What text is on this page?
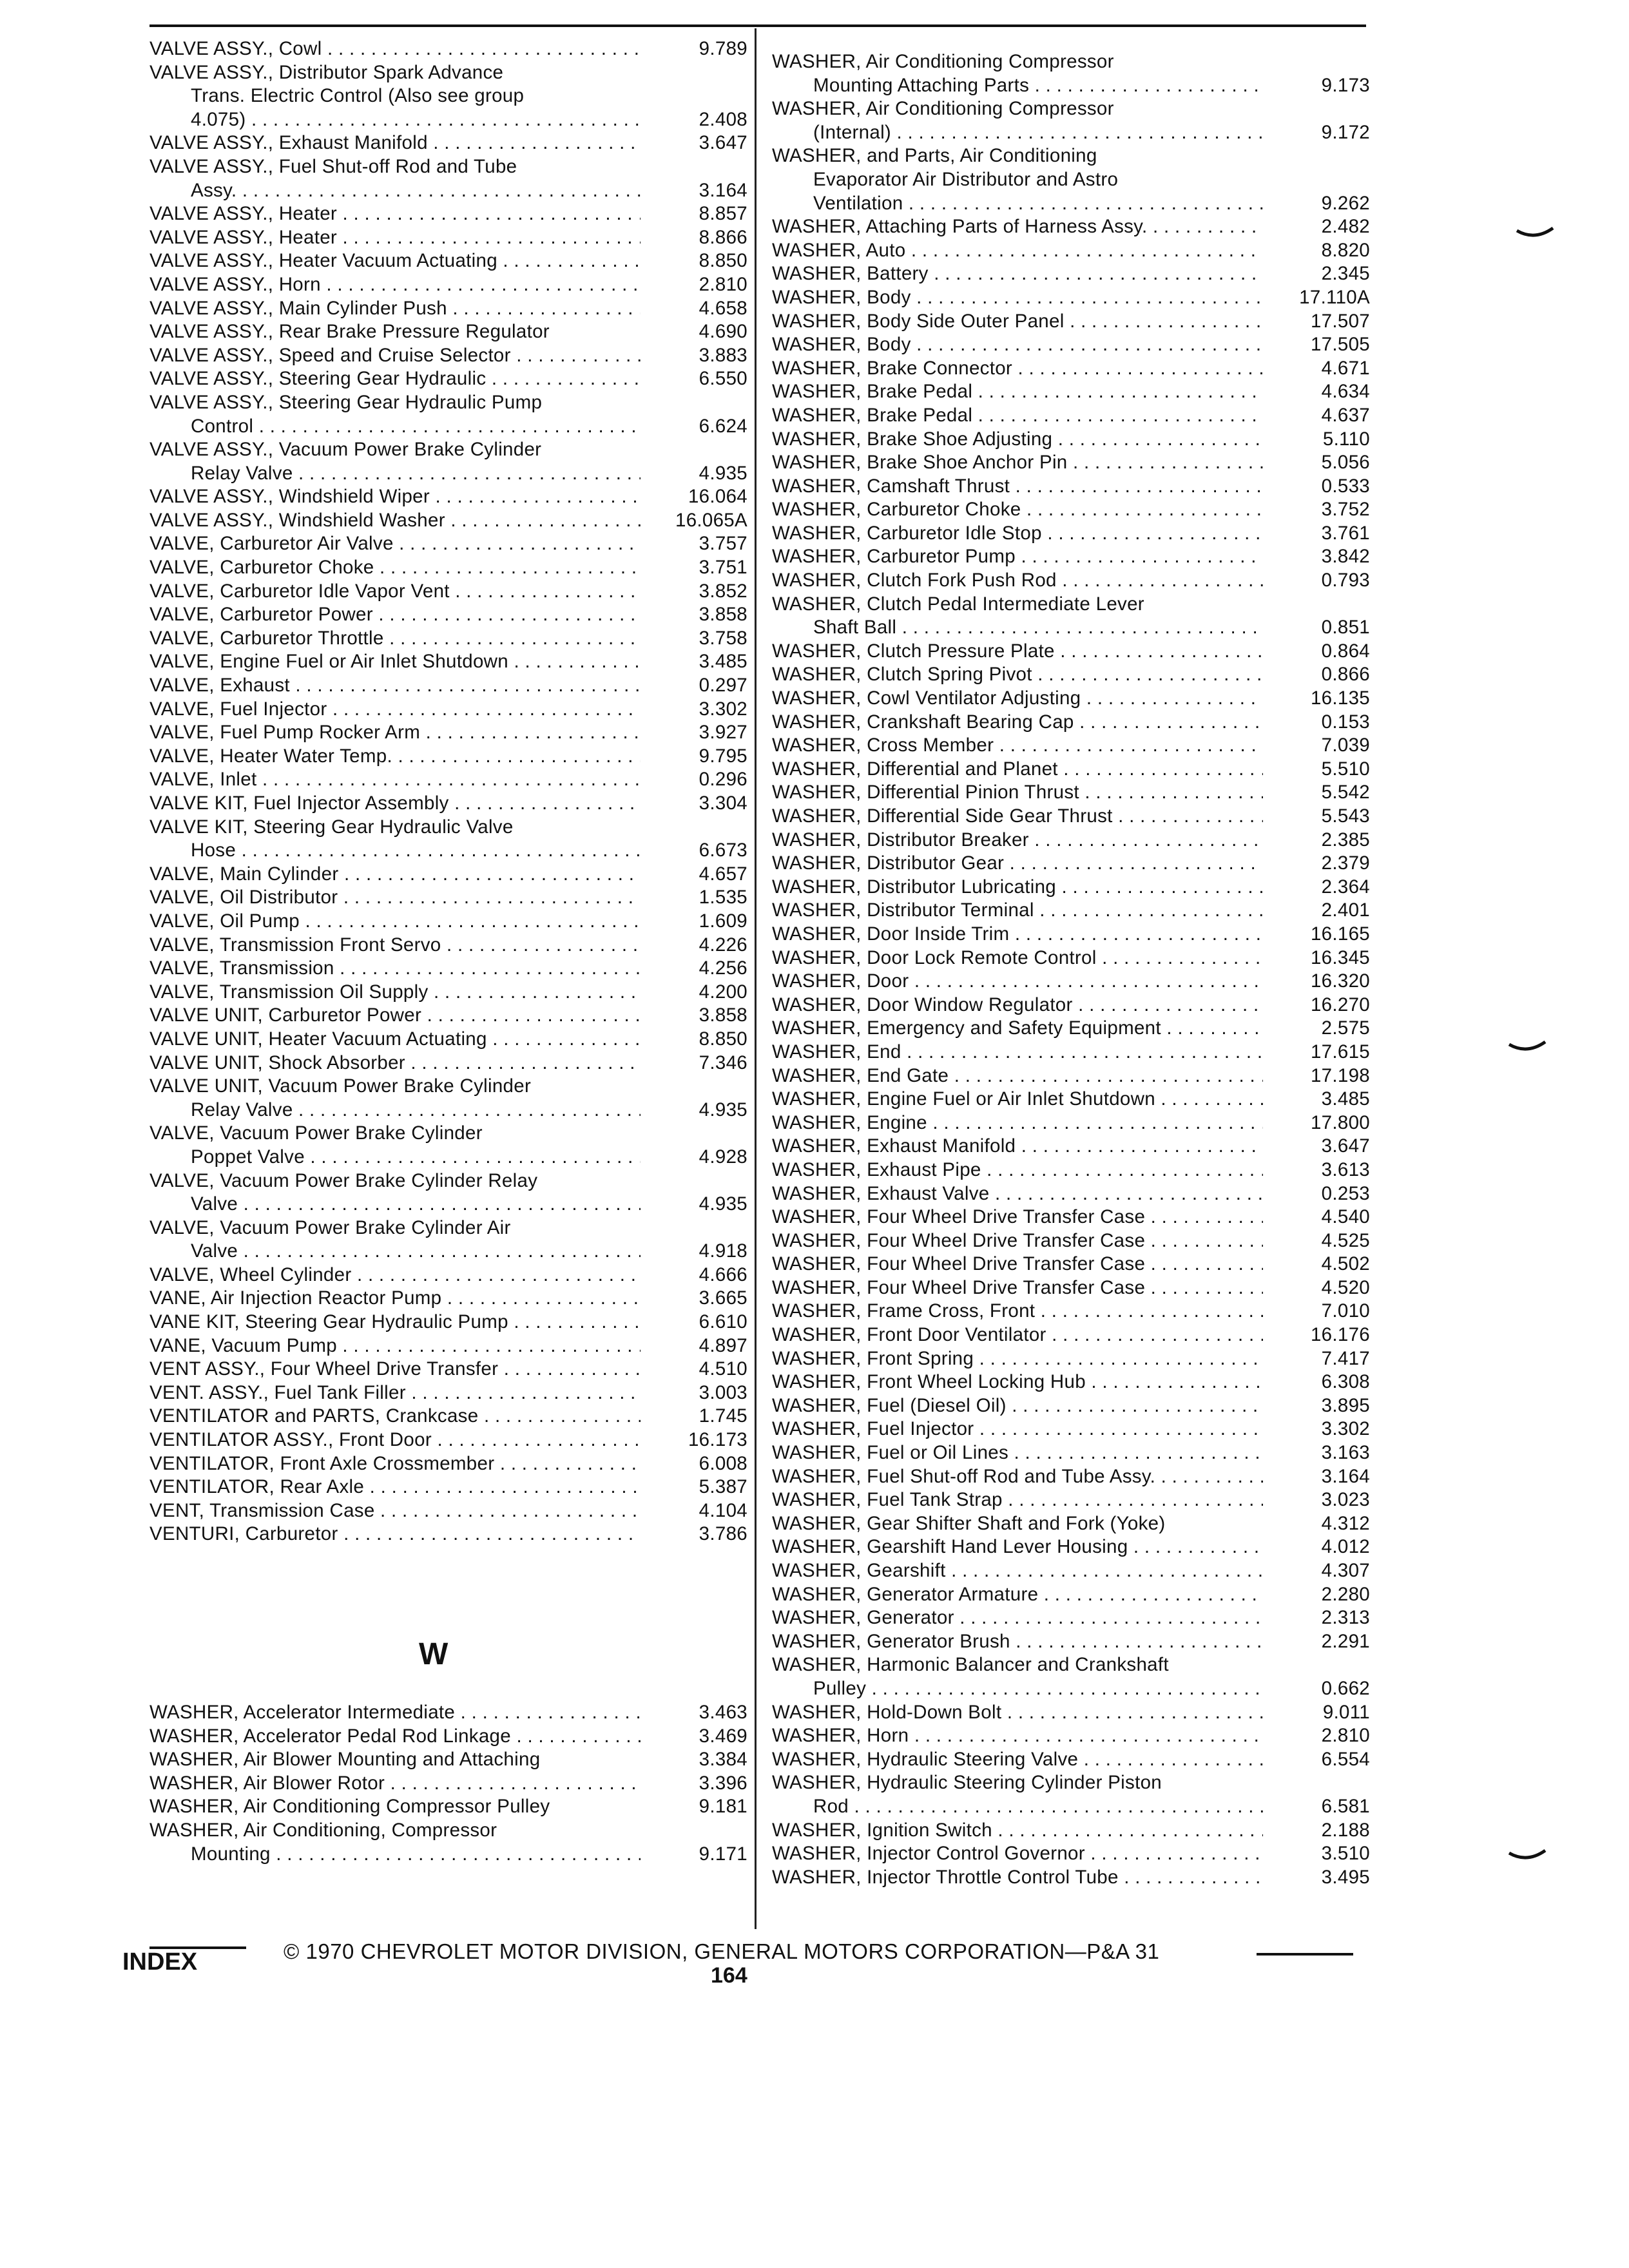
VALVE ASSY., Cowl . . .	9.789
VALVE ASSY., Distributor Spark Advance
Trans. Electric Control (Also see group
4.075) . . .	2.408
VALVE ASSY., Exhaust Manifold . . .	3.647
VALVE ASSY., Fuel Shut-off Rod and Tube
Assy. . . .	3.164
VALVE ASSY., Heater . . .	8.857
VALVE ASSY., Heater . . .	8.866
VALVE ASSY., Heater Vacuum Actuating . . .	8.850
VALVE ASSY., Horn . . .	2.810
VALVE ASSY., Main Cylinder Push . . .	4.658
VALVE ASSY., Rear Brake Pressure Regulator	4.690
VALVE ASSY., Speed and Cruise Selector . . .	3.883
VALVE ASSY., Steering Gear Hydraulic . . .	6.550
VALVE ASSY., Steering Gear Hydraulic Pump
Control . . .	6.624
VALVE ASSY., Vacuum Power Brake Cylinder
Relay Valve . . .	4.935
VALVE ASSY., Windshield Wiper . . .	16.064
VALVE ASSY., Windshield Washer . . .	16.065A
VALVE, Carburetor Air Valve . . .	3.757
VALVE, Carburetor Choke . . .	3.751
VALVE, Carburetor Idle Vapor Vent . . .	3.852
VALVE, Carburetor Power . . .	3.858
VALVE, Carburetor Throttle . . .	3.758
VALVE, Engine Fuel or Air Inlet Shutdown . . .	3.485
VALVE, Exhaust . . .	0.297
VALVE, Fuel Injector . . .	3.302
VALVE, Fuel Pump Rocker Arm . . .	3.927
VALVE, Heater Water Temp. . . .	9.795
VALVE, Inlet . . .	0.296
VALVE KIT, Fuel Injector Assembly . . .	3.304
VALVE KIT, Steering Gear Hydraulic Valve
Hose . . .	6.673
VALVE, Main Cylinder . . .	4.657
VALVE, Oil Distributor . . .	1.535
VALVE, Oil Pump . . .	1.609
VALVE, Transmission Front Servo . . .	4.226
VALVE, Transmission . . .	4.256
VALVE, Transmission Oil Supply . . .	4.200
VALVE UNIT, Carburetor Power . . .	3.858
VALVE UNIT, Heater Vacuum Actuating . . .	8.850
VALVE UNIT, Shock Absorber . . .	7.346
VALVE UNIT, Vacuum Power Brake Cylinder
Relay Valve . . .	4.935
VALVE, Vacuum Power Brake Cylinder
Poppet Valve . . .	4.928
VALVE, Vacuum Power Brake Cylinder Relay
Valve . . .	4.935
VALVE, Vacuum Power Brake Cylinder Air
Valve . . .	4.918
VALVE, Wheel Cylinder . . .	4.666
VANE, Air Injection Reactor Pump . . .	3.665
VANE KIT, Steering Gear Hydraulic Pump . . .	6.610
VANE, Vacuum Pump . . .	4.897
VENT ASSY., Four Wheel Drive Transfer . . .	4.510
VENT. ASSY., Fuel Tank Filler . . .	3.003
VENTILATOR and PARTS, Crankcase . . .	1.745
VENTILATOR ASSY., Front Door . . .	16.173
VENTILATOR, Front Axle Crossmember . . .	6.008
VENTILATOR, Rear Axle . . .	5.387
VENT, Transmission Case . . .	4.104
VENTURI, Carburetor . . .	3.786
WASHER, Accelerator Intermediate . . .	3.463
WASHER, Accelerator Pedal Rod Linkage . . .	3.469
WASHER, Air Blower Mounting and Attaching	3.384
WASHER, Air Blower Rotor . . .	3.396
WASHER, Air Conditioning Compressor Pulley	9.181
WASHER, Air Conditioning, Compressor
Mounting . . .	9.171
WASHER, Air Conditioning Compressor
Mounting Attaching Parts . . .	9.173
WASHER, Air Conditioning Compressor
(Internal) . . .	9.172
WASHER, and Parts, Air Conditioning
Evaporator Air Distributor and Astro
Ventilation . . .	9.262
WASHER, Attaching Parts of Harness Assy. . . .	2.482
WASHER, Auto . . .	8.820
WASHER, Battery . . .	2.345
WASHER, Body . . .	17.110A
WASHER, Body Side Outer Panel . . .	17.507
WASHER, Body . . .	17.505
WASHER, Brake Connector . . .	4.671
WASHER, Brake Pedal . . .	4.634
WASHER, Brake Pedal . . .	4.637
WASHER, Brake Shoe Adjusting . . .	5.110
WASHER, Brake Shoe Anchor Pin . . .	5.056
WASHER, Camshaft Thrust . . .	0.533
WASHER, Carburetor Choke . . .	3.752
WASHER, Carburetor Idle Stop . . .	3.761
WASHER, Carburetor Pump . . .	3.842
WASHER, Clutch Fork Push Rod . . .	0.793
WASHER, Clutch Pedal Intermediate Lever
Shaft Ball . . .	0.851
WASHER, Clutch Pressure Plate . . .	0.864
WASHER, Clutch Spring Pivot . . .	0.866
WASHER, Cowl Ventilator Adjusting . . .	16.135
WASHER, Crankshaft Bearing Cap . . .	0.153
WASHER, Cross Member . . .	7.039
WASHER, Differential and Planet . . .	5.510
WASHER, Differential Pinion Thrust . . .	5.542
WASHER, Differential Side Gear Thrust . . .	5.543
WASHER, Distributor Breaker . . .	2.385
WASHER, Distributor Gear . . .	2.379
WASHER, Distributor Lubricating . . .	2.364
WASHER, Distributor Terminal . . .	2.401
WASHER, Door Inside Trim . . .	16.165
WASHER, Door Lock Remote Control . . .	16.345
WASHER, Door . . .	16.320
WASHER, Door Window Regulator . . .	16.270
WASHER, Emergency and Safety Equipment . . .	2.575
WASHER, End . . .	17.615
WASHER, End Gate . . .	17.198
WASHER, Engine Fuel or Air Inlet Shutdown . . .	3.485
WASHER, Engine . . .	17.800
WASHER, Exhaust Manifold . . .	3.647
WASHER, Exhaust Pipe . . .	3.613
WASHER, Exhaust Valve . . .	0.253
WASHER, Four Wheel Drive Transfer Case . . .	4.540
WASHER, Four Wheel Drive Transfer Case . . .	4.525
WASHER, Four Wheel Drive Transfer Case . . .	4.502
WASHER, Four Wheel Drive Transfer Case . . .	4.520
WASHER, Frame Cross, Front . . .	7.010
WASHER, Front Door Ventilator . . .	16.176
WASHER, Front Spring . . .	7.417
WASHER, Front Wheel Locking Hub . . .	6.308
WASHER, Fuel (Diesel Oil) . . .	3.895
WASHER, Fuel Injector . . .	3.302
WASHER, Fuel or Oil Lines . . .	3.163
WASHER, Fuel Shut-off Rod and Tube Assy. . . .	3.164
WASHER, Fuel Tank Strap . . .	3.023
WASHER, Gear Shifter Shaft and Fork (Yoke)	4.312
WASHER, Gearshift Hand Lever Housing . . .	4.012
WASHER, Gearshift . . .	4.307
WASHER, Generator Armature . . .	2.280
WASHER, Generator . . .	2.313
WASHER, Generator Brush . . .	2.291
WASHER, Harmonic Balancer and Crankshaft
Pulley . . .	0.662
WASHER, Hold-Down Bolt . . .	9.011
WASHER, Horn . . .	2.810
WASHER, Hydraulic Steering Valve . . .	6.554
WASHER, Hydraulic Steering Cylinder Piston
Rod . . .	6.581
WASHER, Ignition Switch . . .	2.188
WASHER, Injector Control Governor . . .	3.510
WASHER, Injector Throttle Control Tube . . .	3.495
W
INDEX	© 1970 CHEVROLET MOTOR DIVISION, GENERAL MOTORS CORPORATION—P&A 31
164
